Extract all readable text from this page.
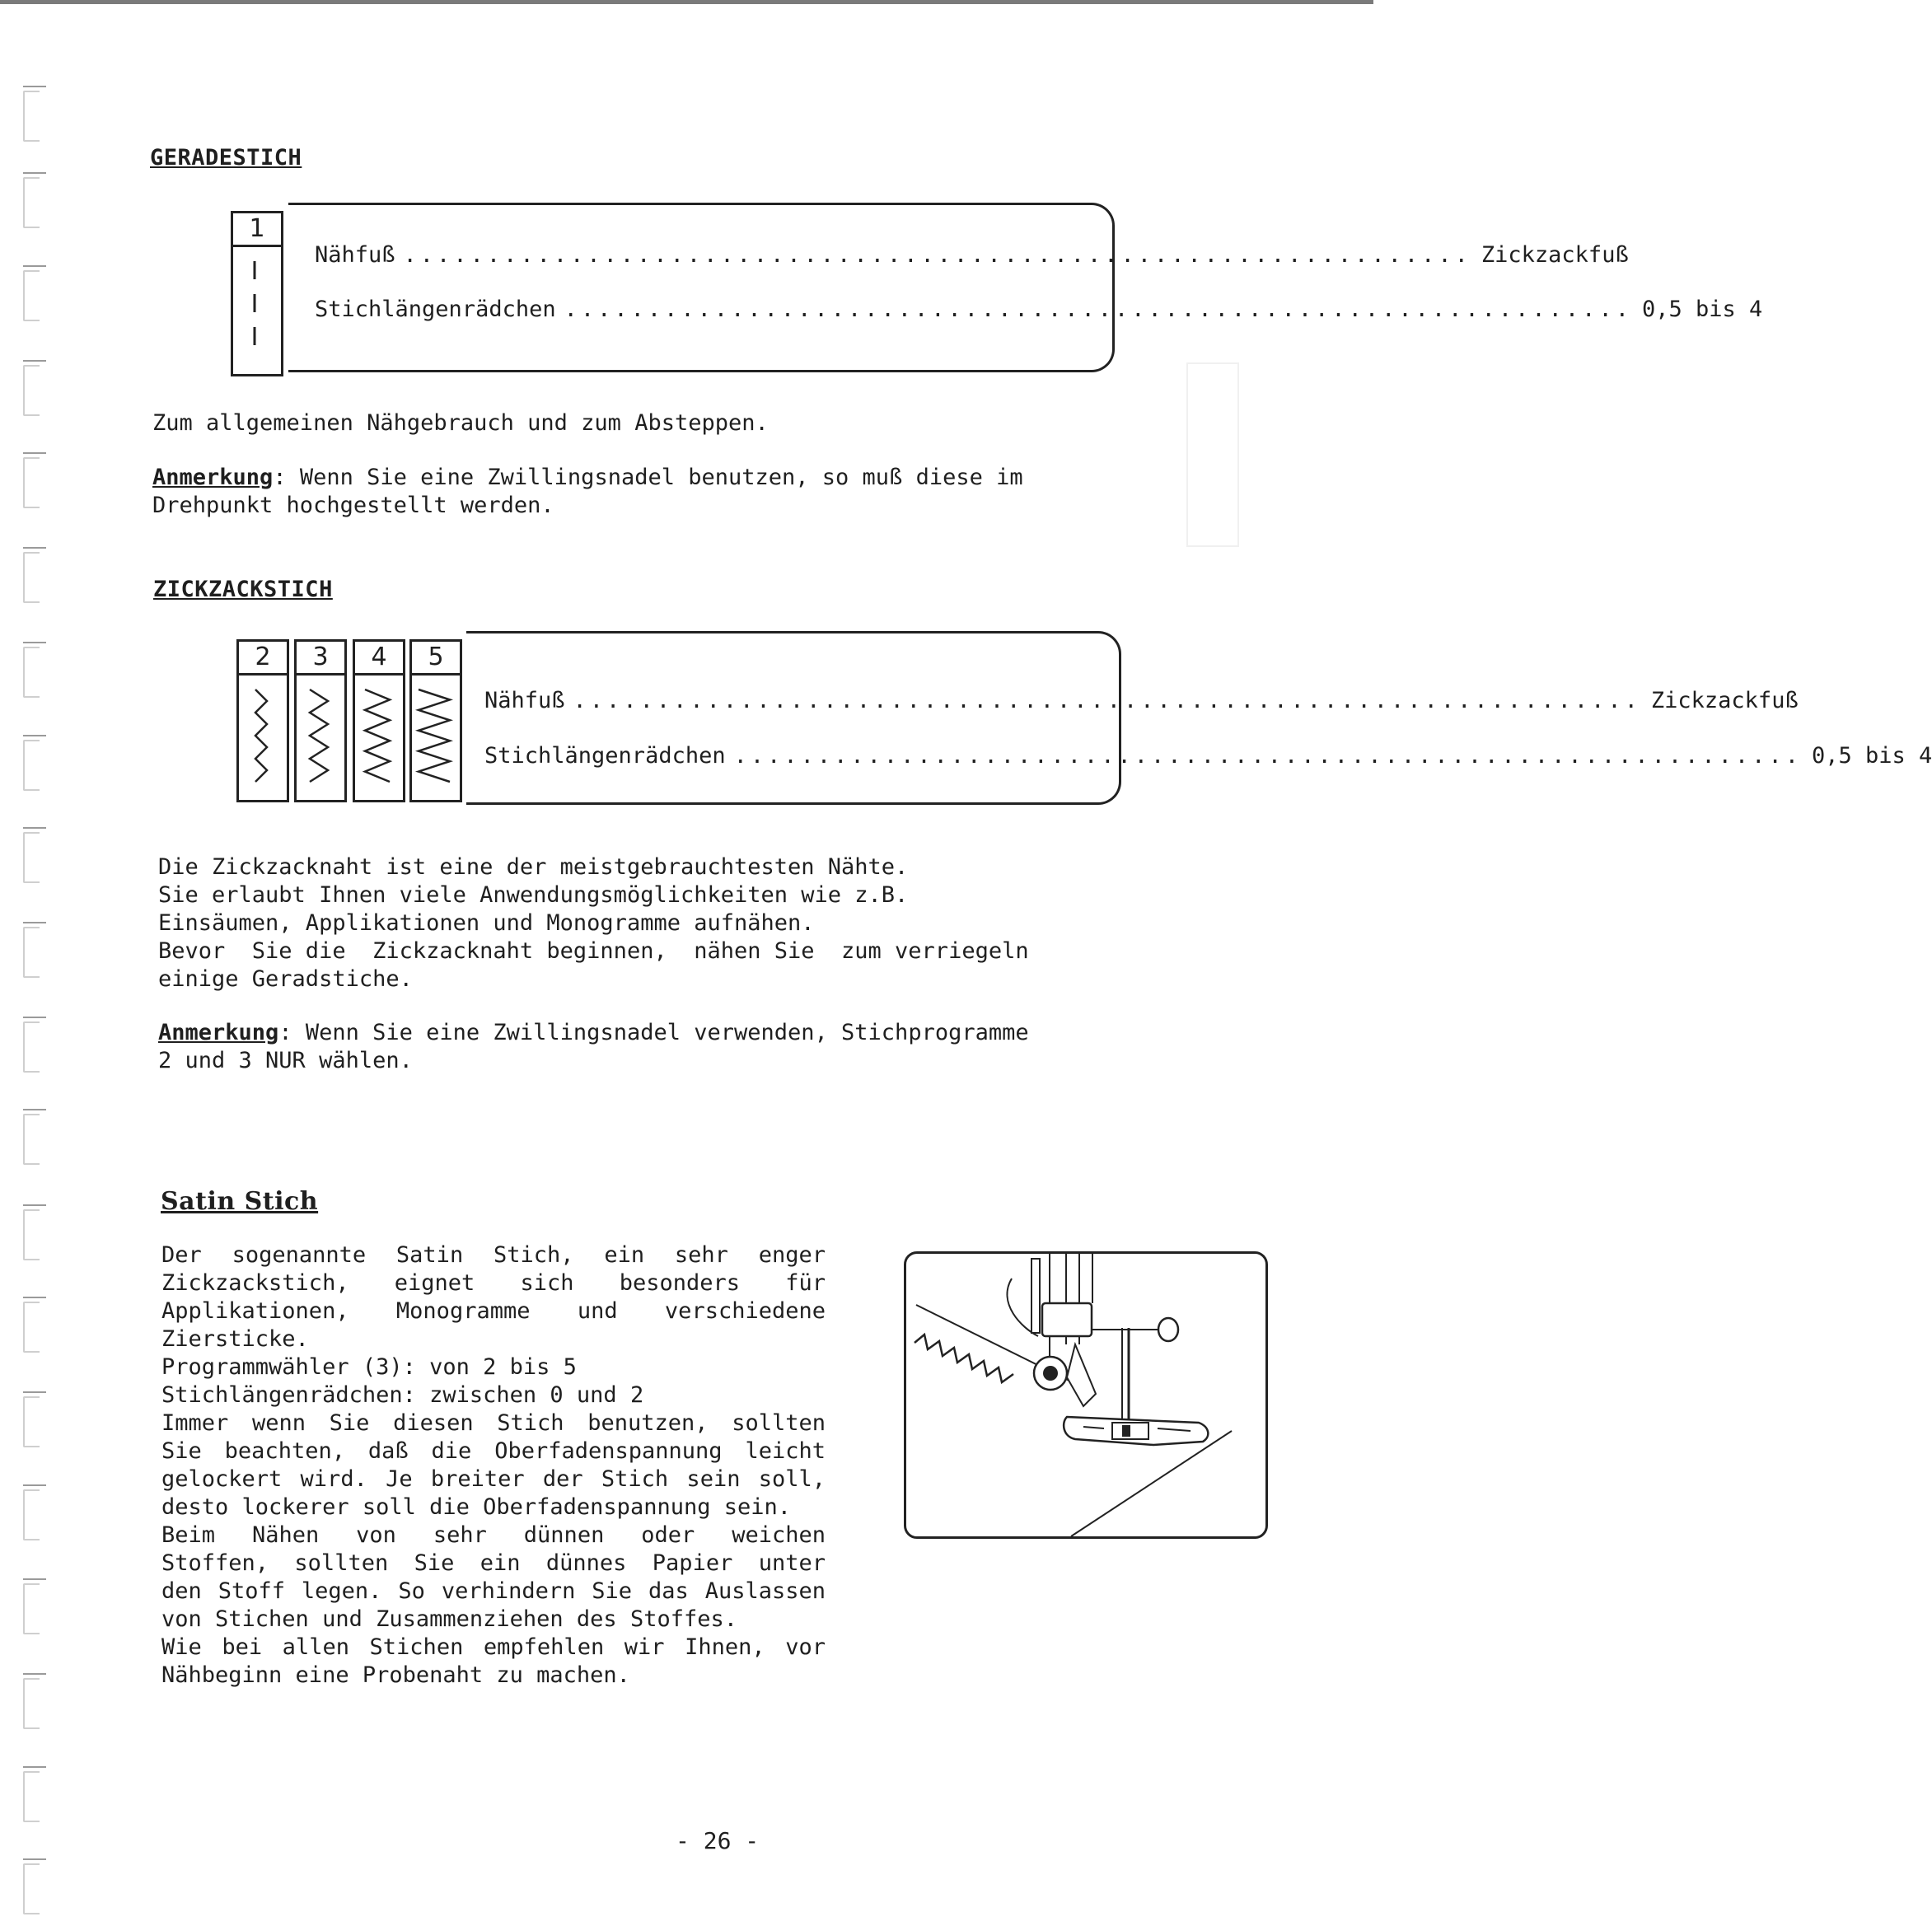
GERADESTICH
1
Nähfuß ................................................................ Zickzackfuß
Stichlängenrädchen ................................................................ 0,5 bis 4
Zum allgemeinen Nähgebrauch und zum Absteppen.
Anmerkung: Wenn Sie eine Zwillingsnadel benutzen, so muß diese im
Drehpunkt hochgestellt werden.
ZICKZACKSTICH
2	3	4	5
Nähfuß ................................................................ Zickzackfuß
Stichlängenrädchen ................................................................ 0,5 bis 4
Die Zickzacknaht ist eine der meistgebrauchtesten Nähte.
Sie erlaubt Ihnen viele Anwendungsmöglichkeiten wie z.B.
Einsäumen, Applikationen und Monogramme aufnähen.
Bevor  Sie die  Zickzacknaht beginnen,  nähen Sie  zum verriegeln
einige Geradstiche.
Anmerkung: Wenn Sie eine Zwillingsnadel verwenden, Stichprogramme
2 und 3 NUR wählen.
Satin Stich
Der sogenannte Satin Stich, ein sehr enger
Zickzackstich, eignet sich besonders für
Applikationen, Monogramme und verschiedene
Ziersticke.
Programmwähler (3): von 2 bis 5
Stichlängenrädchen: zwischen 0 und 2
Immer wenn Sie diesen Stich benutzen, sollten
Sie beachten, daß die Oberfadenspannung leicht
gelockert wird. Je breiter der Stich sein soll,
desto lockerer soll die Oberfadenspannung sein.
Beim Nähen von sehr dünnen oder weichen
Stoffen, sollten Sie ein dünnes Papier unter
den Stoff legen. So verhindern Sie das Auslassen
von Stichen und Zusammenziehen des Stoffes.
Wie bei allen Stichen empfehlen wir Ihnen, vor
Nähbeginn eine Probenaht zu machen.
- 26 -
